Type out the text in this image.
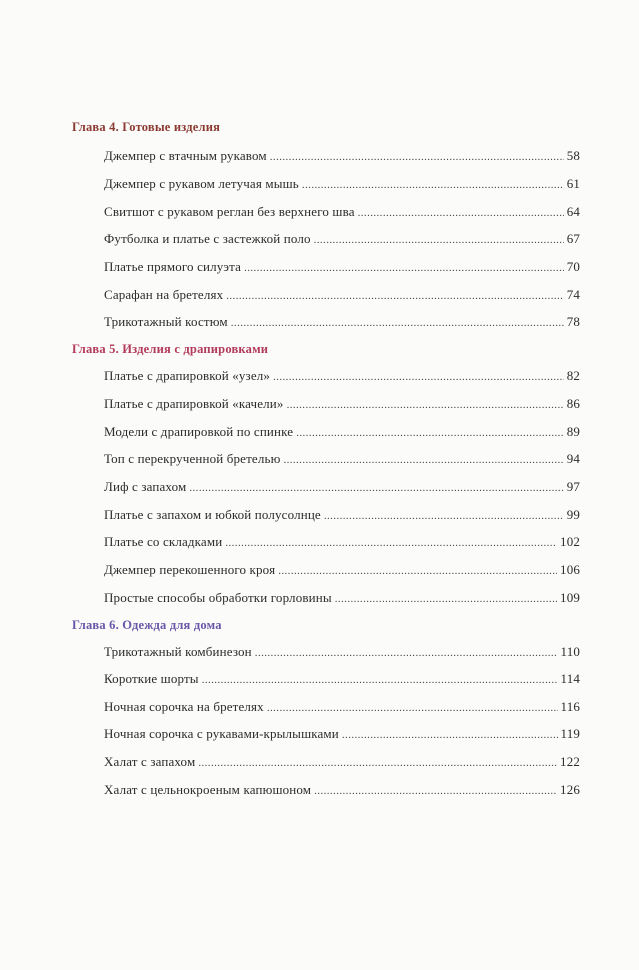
Глава 4. Готовые изделия
Джемпер с втачным рукавом .....	58
Джемпер с рукавом летучая мышь .....	61
Свитшот с рукавом реглан без верхнего шва .....	64
Футболка и платье с застежкой поло .....	67
Платье прямого силуэта .....	70
Сарафан на бретелях .....	74
Трикотажный костюм .....	78
Глава 5. Изделия с драпировками
Платье с драпировкой «узел» .....	82
Платье с драпировкой «качели» .....	86
Модели с драпировкой по спинке .....	89
Топ с перекрученной бретелью .....	94
Лиф с запахом .....	97
Платье с запахом и юбкой полусолнце .....	99
Платье со складками .....	102
Джемпер перекошенного кроя .....	106
Простые способы обработки горловины .....	109
Глава 6. Одежда для дома
Трикотажный комбинезон .....	110
Короткие шорты .....	114
Ночная сорочка на бретелях .....	116
Ночная сорочка с рукавами-крылышками .....	119
Халат с запахом .....	122
Халат с цельнокроеным капюшоном .....	126
